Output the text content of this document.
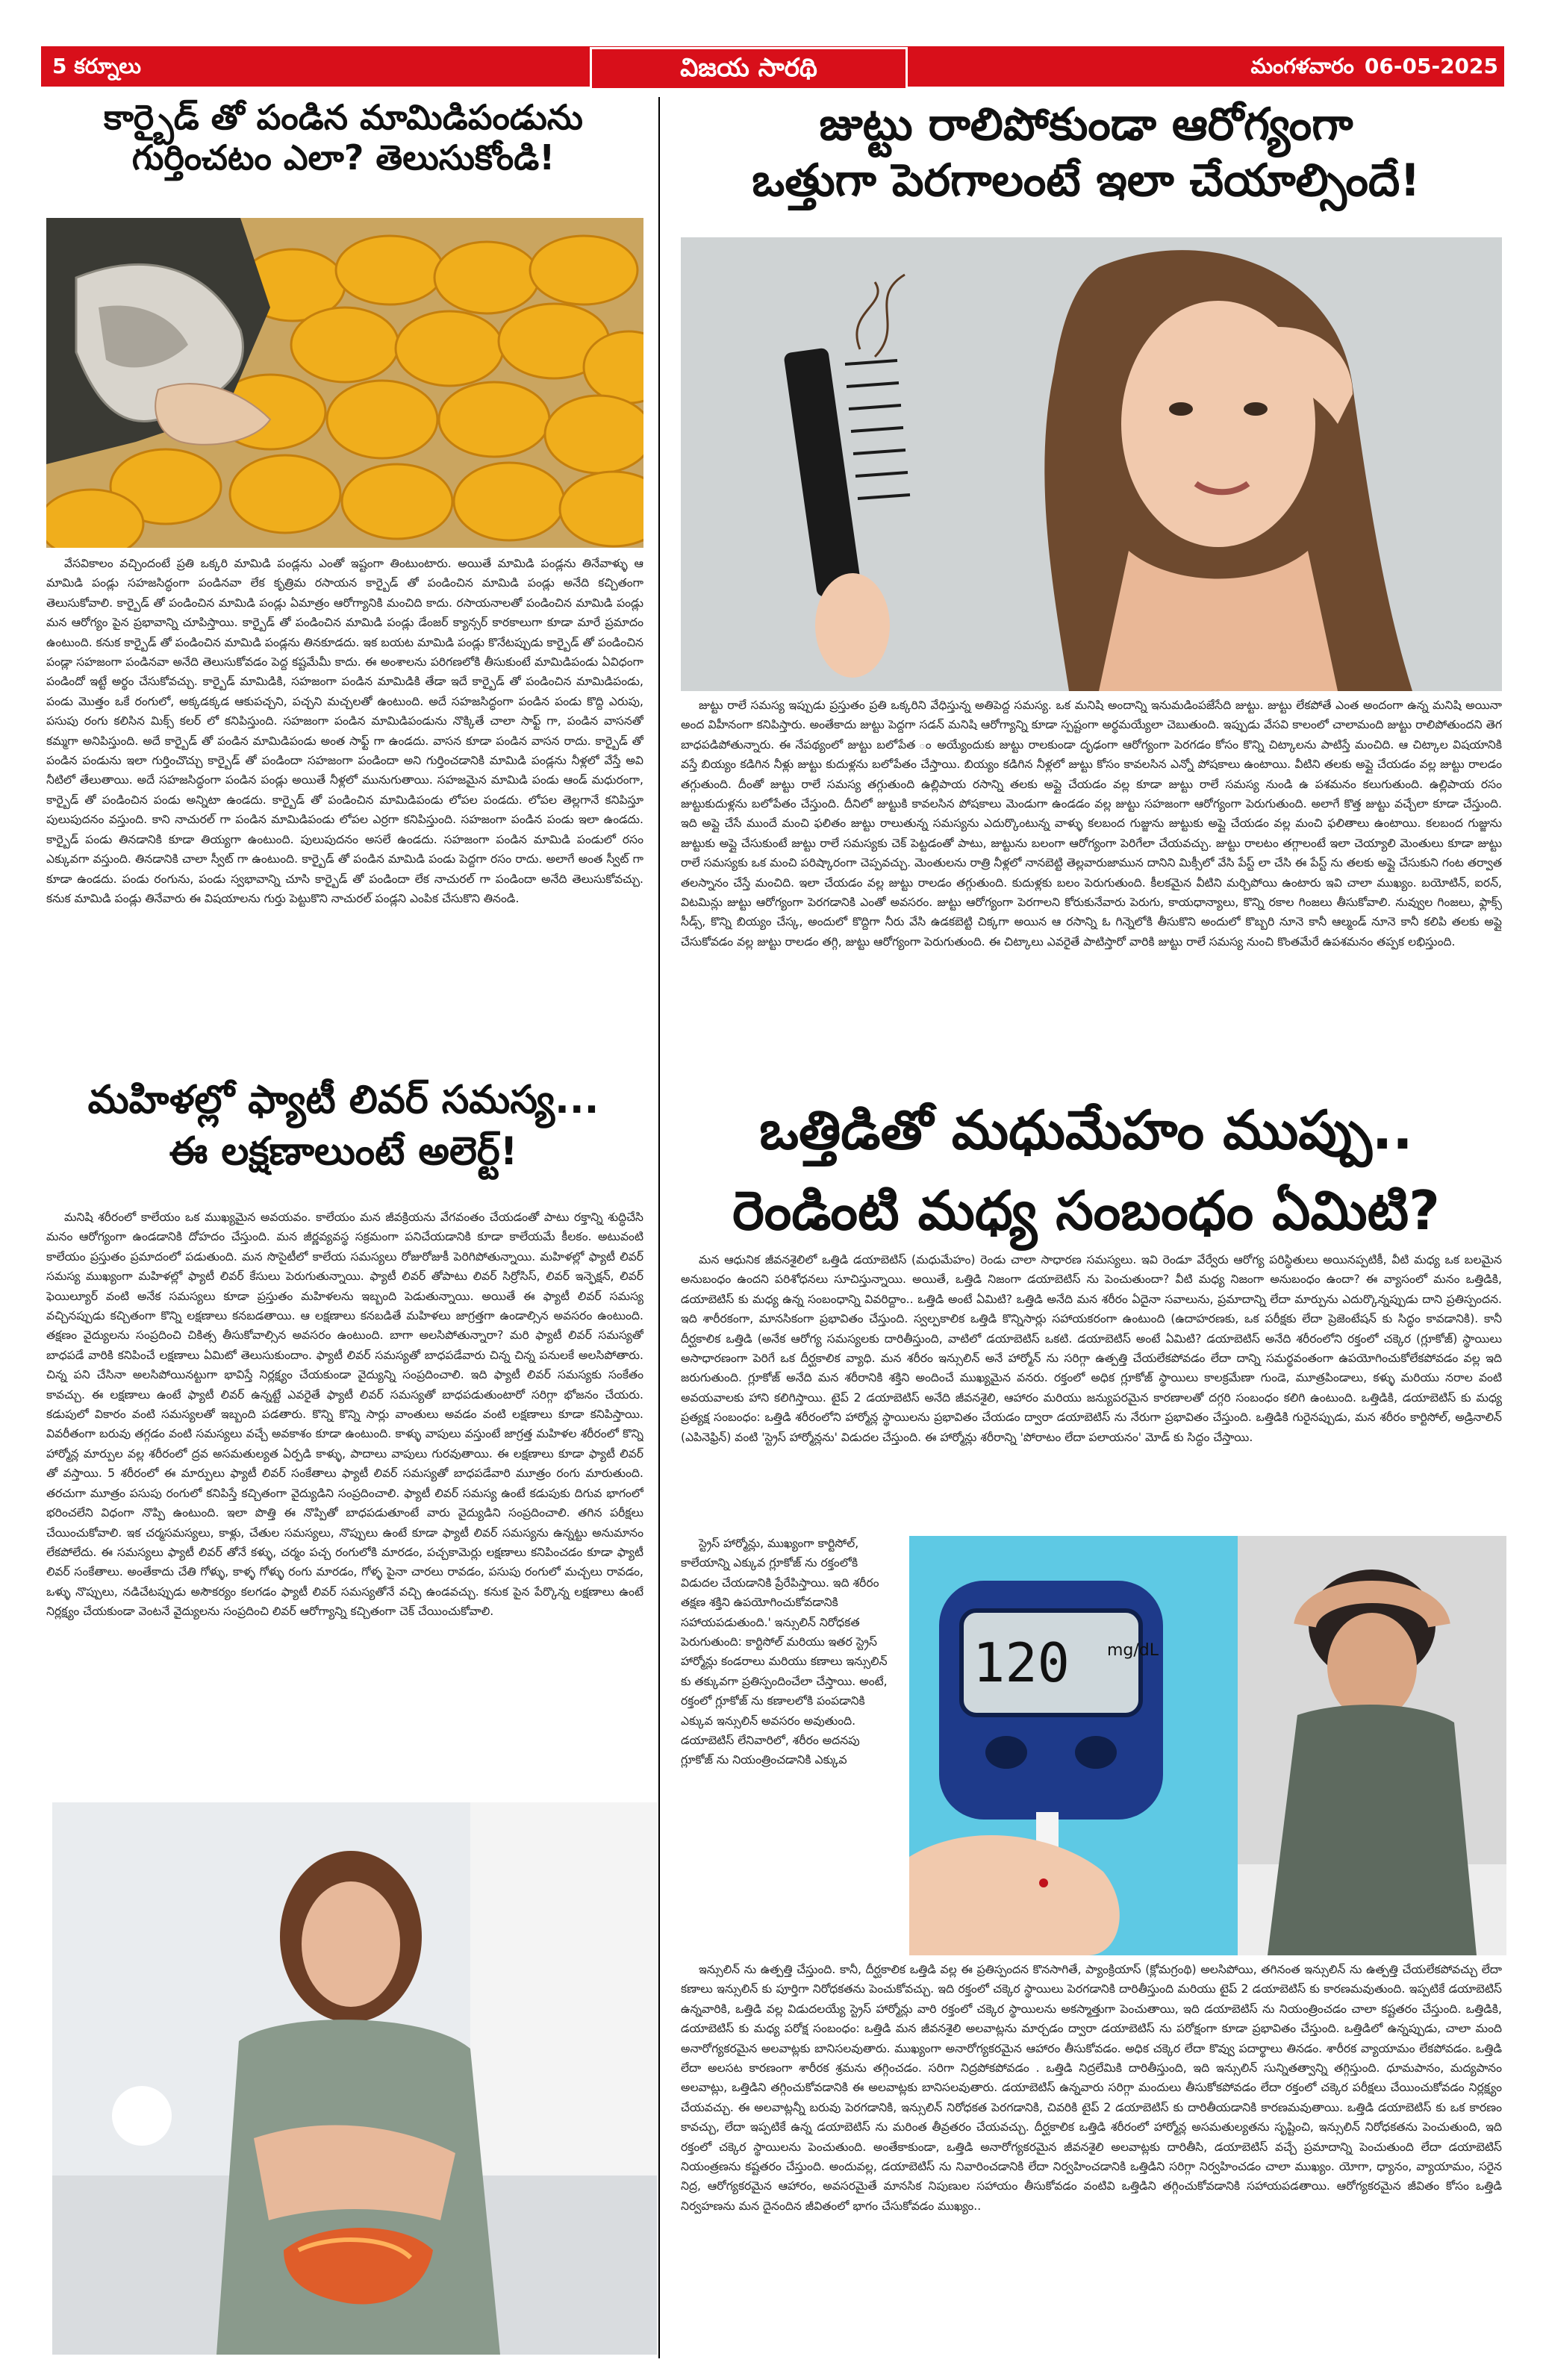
5 కర్నూలు	విజయ సారథి	మంగళవారం 06-05-2025
కార్బైడ్ తో పండిన మామిడిపండును
గుర్తించటం ఎలా? తెలుసుకోండి!

వేసవికాలం వచ్చిందంటే ప్రతి ఒక్కరి మామిడి పండ్లను ఎంతో ఇష్టంగా తింటుంటారు. అయితే మామిడి పండ్లను తినేవాళ్ళు ఆ మామిడి పండ్లు సహజసిద్ధంగా పండినవా లేక కృత్రిమ రసాయన కార్బైడ్ తో పండించిన మామిడి పండ్లు అనేది కచ్చితంగా తెలుసుకోవాలి. కార్బైడ్ తో పండించిన మామిడి పండ్లు ఏమాత్రం ఆరోగ్యానికి మంచిది కాదు. రసాయనాలతో పండించిన మామిడి పండ్లు మన ఆరోగ్యం పైన ప్రభావాన్ని చూపిస్తాయి. కార్బైడ్ తో పండించిన మామిడి పండ్లు డేంజర్ క్యాన్సర్ కారకాలుగా కూడా మారే ప్రమాదం ఉంటుంది. కనుక కార్బైడ్ తో పండించిన మామిడి పండ్లను తినకూడదు. ఇక బయట మామిడి పండ్లు కొనేటప్పుడు కార్బైడ్ తో పండించిన పండ్లా సహజంగా పండినవా అనేది తెలుసుకోవడం పెద్ద కష్టమేమీ కాదు. ఈ అంశాలను పరిగణలోకి తీసుకుంటే మామిడిపండు ఏవిధంగా పండిందో ఇట్టే అర్థం చేసుకోవచ్చు. కార్బైడ్ మామిడికి, సహజంగా పండిన మామిడికి తేడా ఇదే కార్బైడ్ తో పండించిన మామిడిపండు, పండు మొత్తం ఒకే రంగులో, అక్కడక్కడ ఆకుపచ్చని, పచ్చని మచ్చలతో ఉంటుంది. అదే సహజసిద్ధంగా పండిన పండు కొద్ది ఎరుపు, పసుపు రంగు కలిసిన మిక్స్ కలర్ లో కనిపిస్తుంది. సహజంగా పండిన మామిడిపండును నొక్కితే చాలా సాఫ్ట్ గా, పండిన వాసనతో కమ్మగా అనిపిస్తుంది. అదే కార్బైడ్ తో పండిన మామిడిపండు అంత సాఫ్ట్ గా ఉండదు. వాసన కూడా పండిన వాసన రాదు. కార్బైడ్ తో పండిన పండును ఇలా గుర్తించొచ్చు కార్బైడ్ తో పండిందా సహజంగా పండిందా అని గుర్తించడానికి మామిడి పండ్లను నీళ్లలో వేస్తే అవి నీటిలో తేలుతాయి. అదే సహజసిద్ధంగా పండిన పండ్లు అయితే నీళ్లలో మునుగుతాయి. సహజమైన మామిడి పండు ఆండ్ మధురంగా, కార్బైడ్ తో పండించిన పండు అన్నిటా ఉండదు. కార్బైడ్ తో పండించిన మామిడిపండు లోపల పండదు. లోపల తెల్లగానే కనిపిస్తూ పులుపుదనం వస్తుంది. కాని నాచురల్ గా పండిన మామిడిపండు లోపల ఎర్రగా కనిపిస్తుంది. సహజంగా పండిన పండు ఇలా ఉండదు. కార్బైడ్ పండు తినడానికి కూడా తియ్యగా ఉంటుంది. పులుపుదనం అసలే ఉండదు. సహజంగా పండిన మామిడి పండులో రసం ఎక్కువగా వస్తుంది. తినడానికి చాలా స్వీట్ గా ఉంటుంది. కార్బైడ్ తో పండిన మామిడి పండు పెద్దగా రసం రాదు. అలాగే అంత స్వీట్ గా కూడా ఉండదు. పండు రంగును, పండు స్వభావాన్ని చూసి కార్బైడ్ తో పండిందా లేక నాచురల్ గా పండిందా అనేది తెలుసుకోవచ్చు. కనుక మామిడి పండ్లు తినేవారు ఈ విషయాలను గుర్తు పెట్టుకొని నాచురల్ పండ్లని ఎంపిక చేసుకొని తినండి.

మహిళల్లో ఫ్యాటీ లివర్ సమస్య...
ఈ లక్షణాలుంటే అలెర్ట్!

మనిషి శరీరంలో కాలేయం ఒక ముఖ్యమైన అవయవం. కాలేయం మన జీవక్రియను వేగవంతం చేయడంతో పాటు రక్తాన్ని శుద్ధిచేసి మనం ఆరోగ్యంగా ఉండడానికి దోహదం చేస్తుంది. మన జీర్ణవ్యవస్థ సక్రమంగా పనిచేయడానికి కూడా కాలేయమే కీలకం. అటువంటి కాలేయం ప్రస్తుతం ప్రమాదంలో పడుతుంది. మన సొసైటీలో కాలేయ సమస్యలు రోజురోజుకీ పెరిగిపోతున్నాయి. మహిళల్లో ఫ్యాటీ లివర్ సమస్య ముఖ్యంగా మహిళల్లో ఫ్యాటీ లివర్ కేసులు పెరుగుతున్నాయి. ఫ్యాటీ లివర్ తోపాటు లివర్ సిర్రోసిస్, లివర్ ఇన్ఫెక్షన్, లివర్ ఫెయిల్యూర్ వంటి అనేక సమస్యలు కూడా ప్రస్తుతం మహిళలను ఇబ్బంది పెడుతున్నాయి. అయితే ఈ ఫ్యాటీ లివర్ సమస్య వచ్చినప్పుడు కచ్చితంగా కొన్ని లక్షణాలు కనబడతాయి. ఆ లక్షణాలు కనబడితే మహిళలు జాగ్రత్తగా ఉండాల్సిన అవసరం ఉంటుంది. తక్షణం వైద్యులను సంప్రదించి చికిత్స తీసుకోవాల్సిన అవసరం ఉంటుంది. బాగా అలసిపోతున్నారా? మరి ఫ్యాటీ లివర్ సమస్యతో బాధపడే వారికి కనిపించే లక్షణాలు ఏమిటో తెలుసుకుందాం. ఫ్యాటీ లివర్ సమస్యతో బాధపడేవారు చిన్న చిన్న పనులకే అలసిపోతారు. చిన్న పని చేసినా అలసిపోయినట్టుగా భావిస్తే నిర్లక్ష్యం చేయకుండా వైద్యున్ని సంప్రదించాలి. ఇది ఫ్యాటీ లివర్ సమస్యకు సంకేతం కావచ్చు. ఈ లక్షణాలు ఉంటే ఫ్యాటీ లివర్ ఉన్నట్టే ఎవరైతే ఫ్యాటీ లివర్ సమస్యతో బాధపడుతుంటారో సరిగ్గా భోజనం చేయరు. కడుపులో వికారం వంటి సమస్యలతో ఇబ్బంది పడతారు. కొన్ని కొన్ని సార్లు వాంతులు అవడం వంటి లక్షణాలు కూడా కనిపిస్తాయి. వివరీతంగా బరువు తగ్గడం వంటి సమస్యలు వచ్చే అవకాశం కూడా ఉంటుంది. కాళ్ళు వాపులు వస్తుంటే జాగ్రత్త మహిళల శరీరంలో కొన్ని హార్మోన్ల మార్పుల వల్ల శరీరంలో ద్రవ అసమతుల్యత ఏర్పడి కాళ్ళు, పాదాలు వాపులు గురవుతాయి. ఈ లక్షణాలు కూడా ఫ్యాటీ లివర్ తో వస్తాయి. 5 శరీరంలో ఈ మార్పులు ఫ్యాటీ లివర్ సంకేతాలు ఫ్యాటీ లివర్ సమస్యతో బాధపడేవారి మూత్రం రంగు మారుతుంది. తరచుగా మూత్రం పసుపు రంగులో కనిపిస్తే కచ్చితంగా వైద్యుడిని సంప్రదించాలి. ఫ్యాటీ లివర్ సమస్య ఉంటే కడుపుకు దిగువ భాగంలో భరించలేని విధంగా నొప్పి ఉంటుంది. ఇలా పొత్తి ఈ నొప్పితో బాధపడుతూంటే వారు వైద్యుడిని సంప్రదించాలి. తగిన పరీక్షలు చేయించుకోవాలి. ఇక చర్మసమస్యలు, కాళ్లు, చేతుల సమస్యలు, నొప్పులు ఉంటే కూడా ఫ్యాటీ లివర్ సమస్యను ఉన్నట్టు అనుమానం లేకపోలేదు. ఈ సమస్యలు ఫ్యాటీ లివర్ తోనే కళ్ళు, చర్మం పచ్చ రంగులోకి మారడం, పచ్చకామెర్లు లక్షణాలు కనిపించడం కూడా ఫ్యాటీ లివర్ సంకేతాలు. అంతేకాదు చేతి గోళ్ళు, కాళ్ళ గోళ్ళు రంగు మారడం, గోళ్ళ పైనా చారలు రావడం, పసుపు రంగులో మచ్చలు రావడం, ఒళ్ళు నొప్పులు, నడిచేటప్పుడు అసౌకర్యం కలగడం ఫ్యాటీ లివర్ సమస్యతోనే వచ్చి ఉండవచ్చు. కనుక పైన పేర్కొన్న లక్షణాలు ఉంటే నిర్లక్ష్యం చేయకుండా వెంటనే వైద్యులను సంప్రదించి లివర్ ఆరోగ్యాన్ని కచ్చితంగా చెక్ చేయించుకోవాలి.

జుట్టు రాలిపోకుండా ఆరోగ్యంగా
ఒత్తుగా పెరగాలంటే ఇలా చేయాల్సిందే!

జుట్టు రాలే సమస్య ఇప్పుడు ప్రస్తుతం ప్రతి ఒక్కరిని వేధిస్తున్న అతిపెద్ద సమస్య. ఒక మనిషి అందాన్ని ఇనుమడింపజేసేది జుట్టు. జుట్టు లేకపోతే ఎంత అందంగా ఉన్న మనిషి అయినా అంద విహీనంగా కనిపిస్తారు. అంతేకాదు జుట్టు పెద్దగా సడన్ మనిషి ఆరోగ్యాన్ని కూడా స్పష్టంగా అర్థమయ్యేలా చెబుతుంది. ఇప్పుడు వేసవి కాలంలో చాలామంది జుట్టు రాలిపోతుందని తెగ బాధపడిపోతున్నారు. ఈ నేపథ్యంలో జుట్టు బలోపేత ం అయ్యేందుకు జుట్టు రాలకుండా దృఢంగా ఆరోగ్యంగా పెరగడం కోసం కొన్ని చిట్కాలను పాటిస్తే మంచిది. ఆ చిట్కాల విషయానికి వస్తే బియ్యం కడిగిన నీళ్లు జుట్టు కుదుళ్లను బలోపేతం చేస్తాయి. బియ్యం కడిగిన నీళ్లలో జుట్టు కోసం కావలసిన ఎన్నో పోషకాలు ఉంటాయి. వీటిని తలకు అప్లై చేయడం వల్ల జుట్టు రాలడం తగ్గుతుంది. దీంతో జుట్టు రాలే సమస్య తగ్గుతుంది ఉల్లిపాయ రసాన్ని తలకు అప్లై చేయడం వల్ల కూడా జుట్టు రాలే సమస్య నుండి ఉ పశమనం కలుగుతుంది. ఉల్లిపాయ రసం జుట్టుకుదుళ్లను బలోపేతం చేస్తుంది. దీనిలో జుట్టుకి కావలసిన పోషకాలు మెండుగా ఉండడం వల్ల జుట్టు సహజంగా ఆరోగ్యంగా పెరుగుతుంది. అలాగే కొత్త జుట్టు వచ్చేలా కూడా చేస్తుంది. ఇది అప్లై చేసే ముందే మంచి ఫలితం జుట్టు రాలుతున్న సమస్యను ఎదుర్కొంటున్న వాళ్ళు కలబంద గుజ్జును జుట్టుకు అప్లై చేయడం వల్ల మంచి ఫలితాలు ఉంటాయి. కలబంద గుజ్జును జుట్టుకు అప్లై చేసుకుంటే జుట్టు రాలే సమస్యకు చెక్ పెట్టడంతో పాటు, జుట్టును బలంగా ఆరోగ్యంగా పెరిగేలా చేయవచ్చు. జుట్టు రాలటం తగ్గాలంటే ఇలా చెయ్యాలి మెంతులు కూడా జుట్టు రాలే సమస్యకు ఒక మంచి పరిష్కారంగా చెప్పవచ్చు. మెంతులను రాత్రి నీళ్లలో నానబెట్టి తెల్లవారుజామున దానిని మిక్సీలో వేసి పేస్ట్ లా చేసి ఈ పేస్ట్ ను తలకు అప్లై చేసుకుని గంట తర్వాత తలస్నానం చేస్తే మంచిది. ఇలా చేయడం వల్ల జుట్టు రాలడం తగ్గుతుంది. కుదుళ్లకు బలం పెరుగుతుంది. కీలకమైన వీటిని మర్చిపోయి ఉంటారు ఇవి చాలా ముఖ్యం. బయోటిన్, ఐరన్, విటమిన్లు జుట్టు ఆరోగ్యంగా పెరగడానికి ఎంతో అవసరం. జుట్టు ఆరోగ్యంగా పెరగాలని కోరుకునేవారు పెరుగు, కాయధాన్యాలు, కొన్ని రకాల గింజలు తీసుకోవాలి. నువ్వుల గింజలు, ఫ్లాక్స్ సీడ్స్, కొన్ని బియ్యం చేస్క, అందులో కొద్దిగా నీరు వేసి ఉడకబెట్టి చిక్కగా అయిన ఆ రసాన్ని ఓ గిన్నెలోకి తీసుకొని అందులో కొబ్బరి నూనె కానీ ఆల్మండ్ నూనె కానీ కలిపి తలకు అప్లై చేసుకోవడం వల్ల జుట్టు రాలడం తగ్గి, జుట్టు ఆరోగ్యంగా పెరుగుతుంది. ఈ చిట్కాలు ఎవరైతే పాటిస్తారో వారికి జుట్టు రాలే సమస్య నుంచి కొంతమేరే ఉపశమనం తప్పక లభిస్తుంది.

ఒత్తిడితో మధుమేహం ముప్పు..
రెండింటి మధ్య సంబంధం ఏమిటి?

మన ఆధునిక జీవనశైలిలో ఒత్తిడి డయాబెటిస్ (మధుమేహం) రెండు చాలా సాధారణ సమస్యలు. ఇవి రెండూ వేర్వేరు ఆరోగ్య పరిస్థితులు అయినప్పటికీ, వీటి మధ్య ఒక బలమైన అనుబంధం ఉందని పరిశోధనలు సూచిస్తున్నాయి. అయితే, ఒత్తిడి నిజంగా డయాబెటిస్ ను పెంచుతుందా? వీటి మధ్య నిజంగా అనుబంధం ఉందా? ఈ వ్యాసంలో మనం ఒత్తిడికి, డయాబెటిస్ కు మధ్య ఉన్న సంబంధాన్ని వివరిద్దాం.. ఒత్తిడి అంటే ఏమిటి? ఒత్తిడి అనేది మన శరీరం ఏదైనా సవాలును, ప్రమాదాన్ని లేదా మార్పును ఎదుర్కొన్నప్పుడు దాని ప్రతిస్పందన. ఇది శారీరకంగా, మానసికంగా ప్రభావితం చేస్తుంది. స్వల్పకాలిక ఒత్తిడి కొన్నిసార్లు సహాయకరంగా ఉంటుంది (ఉదాహరణకు, ఒక పరీక్షకు లేదా ప్రెజెంటేషన్ కు సిద్ధం కావడానికి). కానీ దీర్ఘకాలిక ఒత్తిడి (అనేక ఆరోగ్య సమస్యలకు దారితీస్తుంది, వాటిలో డయాబెటిస్ ఒకటి. డయాబెటిస్ అంటే ఏమిటి? డయాబెటిస్ అనేది శరీరంలోని రక్తంలో చక్కెర (గ్లూకోజ్) స్థాయిలు అసాధారణంగా పెరిగే ఒక దీర్ఘకాలిక వ్యాధి. మన శరీరం ఇన్సులిన్ అనే హార్మోన్ ను సరిగ్గా ఉత్పత్తి చేయలేకపోవడం లేదా దాన్ని సమర్థవంతంగా ఉపయోగించుకోలేకపోవడం వల్ల ఇది జరుగుతుంది. గ్లూకోజ్ అనేది మన శరీరానికి శక్తిని అందించే ముఖ్యమైన వనరు. రక్తంలో అధిక గ్లూకోజ్ స్థాయిలు కాలక్రమేణా గుండె, మూత్రపిండాలు, కళ్ళు మరియు నరాల వంటి అవయవాలకు హాని కలిగిస్తాయి. టైప్ 2 డయాబెటిస్ అనేది జీవనశైలి, ఆహారం మరియు జన్యుపరమైన కారణాలతో దగ్గరి సంబంధం కలిగి ఉంటుంది. ఒత్తిడికి, డయాబెటిస్ కు మధ్య ప్రత్యక్ష సంబంధం: ఒత్తిడి శరీరంలోని హార్మోన్ల స్థాయిలను ప్రభావితం చేయడం ద్వారా డయాబెటిస్ ను నేరుగా ప్రభావితం చేస్తుంది. ఒత్తిడికి గురైనప్పుడు, మన శరీరం కార్టిసోల్, అడ్రినాలిన్ (ఎపినెఫ్రిన్) వంటి 'స్ట్రెస్ హార్మోన్లను' విడుదల చేస్తుంది. ఈ హార్మోన్లు శరీరాన్ని 'పోరాటం లేదా పలాయనం' మోడ్ కు సిద్ధం చేస్తాయి.

స్ట్రెస్ హార్మోన్లు, ముఖ్యంగా కార్టిసోల్, కాలేయాన్ని ఎక్కువ గ్లూకోజ్ ను రక్తంలోకి విడుదల చేయడానికి ప్రేరేపిస్తాయి. ఇది శరీరం తక్షణ శక్తిని ఉపయోగించుకోవడానికి సహాయపడుతుంది.' ఇన్సులిన్ నిరోధకత పెరుగుతుంది: కార్టిసోల్ మరియు ఇతర స్ట్రెస్ హార్మోన్లు కండరాలు మరియు కణాలు ఇన్సులిన్ కు తక్కువగా ప్రతిస్పందించేలా చేస్తాయి. అంటే, రక్తంలో గ్లూకోజ్ ను కణాలలోకి పంపడానికి ఎక్కువ ఇన్సులిన్ అవసరం అవుతుంది. డయాబెటిస్ లేనివారిలో, శరీరం అదనపు గ్లూకోజ్ ను నియంత్రించడానికి ఎక్కువ

120 mg/dL

ఇన్సులిన్ ను ఉత్పత్తి చేస్తుంది. కానీ, దీర్ఘకాలిక ఒత్తిడి వల్ల ఈ ప్రతిస్పందన కొనసాగితే, ప్యాంక్రియాస్ (క్లోమగ్రంథి) అలసిపోయి, తగినంత ఇన్సులిన్ ను ఉత్పత్తి చేయలేకపోవచ్చు లేదా కణాలు ఇన్సులిన్ కు పూర్తిగా నిరోధకతను పెంచుకోవచ్చు. ఇది రక్తంలో చక్కెర స్థాయిలు పెరగడానికి దారితీస్తుంది మరియు టైప్ 2 డయాబెటిస్ కు కారణమవుతుంది. ఇప్పటికే డయాబెటిస్ ఉన్నవారికి, ఒత్తిడి వల్ల విడుదలయ్యే స్ట్రెస్ హార్మోన్లు వారి రక్తంలో చక్కెర స్థాయిలను అకస్మాత్తుగా పెంచుతాయి, ఇది డయాబెటిస్ ను నియంత్రించడం చాలా కష్టతరం చేస్తుంది. ఒత్తిడికి, డయాబెటిస్ కు మధ్య పరోక్ష సంబంధం: ఒత్తిడి మన జీవనశైలి అలవాట్లను మార్చడం ద్వారా డయాబెటిస్ ను పరోక్షంగా కూడా ప్రభావితం చేస్తుంది. ఒత్తిడిలో ఉన్నప్పుడు, చాలా మంది అనారోగ్యకరమైన అలవాట్లకు బానిసలవుతారు. ముఖ్యంగా అనారోగ్యకరమైన ఆహారం తీసుకోవడం. అధిక చక్కెర లేదా కొవ్వు పదార్థాలు తినడం. శారీరక వ్యాయామం లేకపోవడం. ఒత్తిడి లేదా అలసట కారణంగా శారీరక శ్రమను తగ్గించడం. సరిగా నిద్రపోకపోవడం . ఒత్తిడి నిద్రలేమికి దారితీస్తుంది, ఇది ఇన్సులిన్ సున్నితత్వాన్ని తగ్గిస్తుంది. ధూమపానం, మద్యపానం అలవాట్లు, ఒత్తిడిని తగ్గించుకోవడానికి ఈ అలవాట్లకు బానిసలవుతారు. డయాబెటిస్ ఉన్నవారు సరిగ్గా మందులు తీసుకోకపోవడం లేదా రక్తంలో చక్కెర పరీక్షలు చేయించుకోవడం నిర్లక్ష్యం చేయవచ్చు. ఈ అలవాట్లన్నీ బరువు పెరగడానికి, ఇన్సులిన్ నిరోధకత పెరగడానికి, చివరికి టైప్ 2 డయాబెటిస్ కు దారితీయడానికి కారణమవుతాయి. ఒత్తిడి డయాబెటిస్ కు ఒక కారణం కావచ్చు, లేదా ఇప్పటికే ఉన్న డయాబెటిస్ ను మరింత తీవ్రతరం చేయవచ్చు. దీర్ఘకాలిక ఒత్తిడి శరీరంలో హార్మోన్ల అసమతుల్యతను సృష్టించి, ఇన్సులిన్ నిరోధకతను పెంచుతుంది, ఇది రక్తంలో చక్కెర స్థాయిలను పెంచుతుంది. అంతేకాకుండా, ఒత్తిడి అనారోగ్యకరమైన జీవనశైలి అలవాట్లకు దారితీసి, డయాబెటిస్ వచ్చే ప్రమాదాన్ని పెంచుతుంది లేదా డయాబెటిస్ నియంత్రణను కష్టతరం చేస్తుంది. అందువల్ల, డయాబెటిస్ ను నివారించడానికి లేదా నిర్వహించడానికి ఒత్తిడిని సరిగ్గా నిర్వహించడం చాలా ముఖ్యం. యోగా, ధ్యానం, వ్యాయామం, సరైన నిద్ర, ఆరోగ్యకరమైన ఆహారం, అవసరమైతే మానసిక నిపుణుల సహాయం తీసుకోవడం వంటివి ఒత్తిడిని తగ్గించుకోవడానికి సహాయపడతాయి. ఆరోగ్యకరమైన జీవితం కోసం ఒత్తిడి నిర్వహణను మన దైనందిన జీవితంలో భాగం చేసుకోవడం ముఖ్యం..
